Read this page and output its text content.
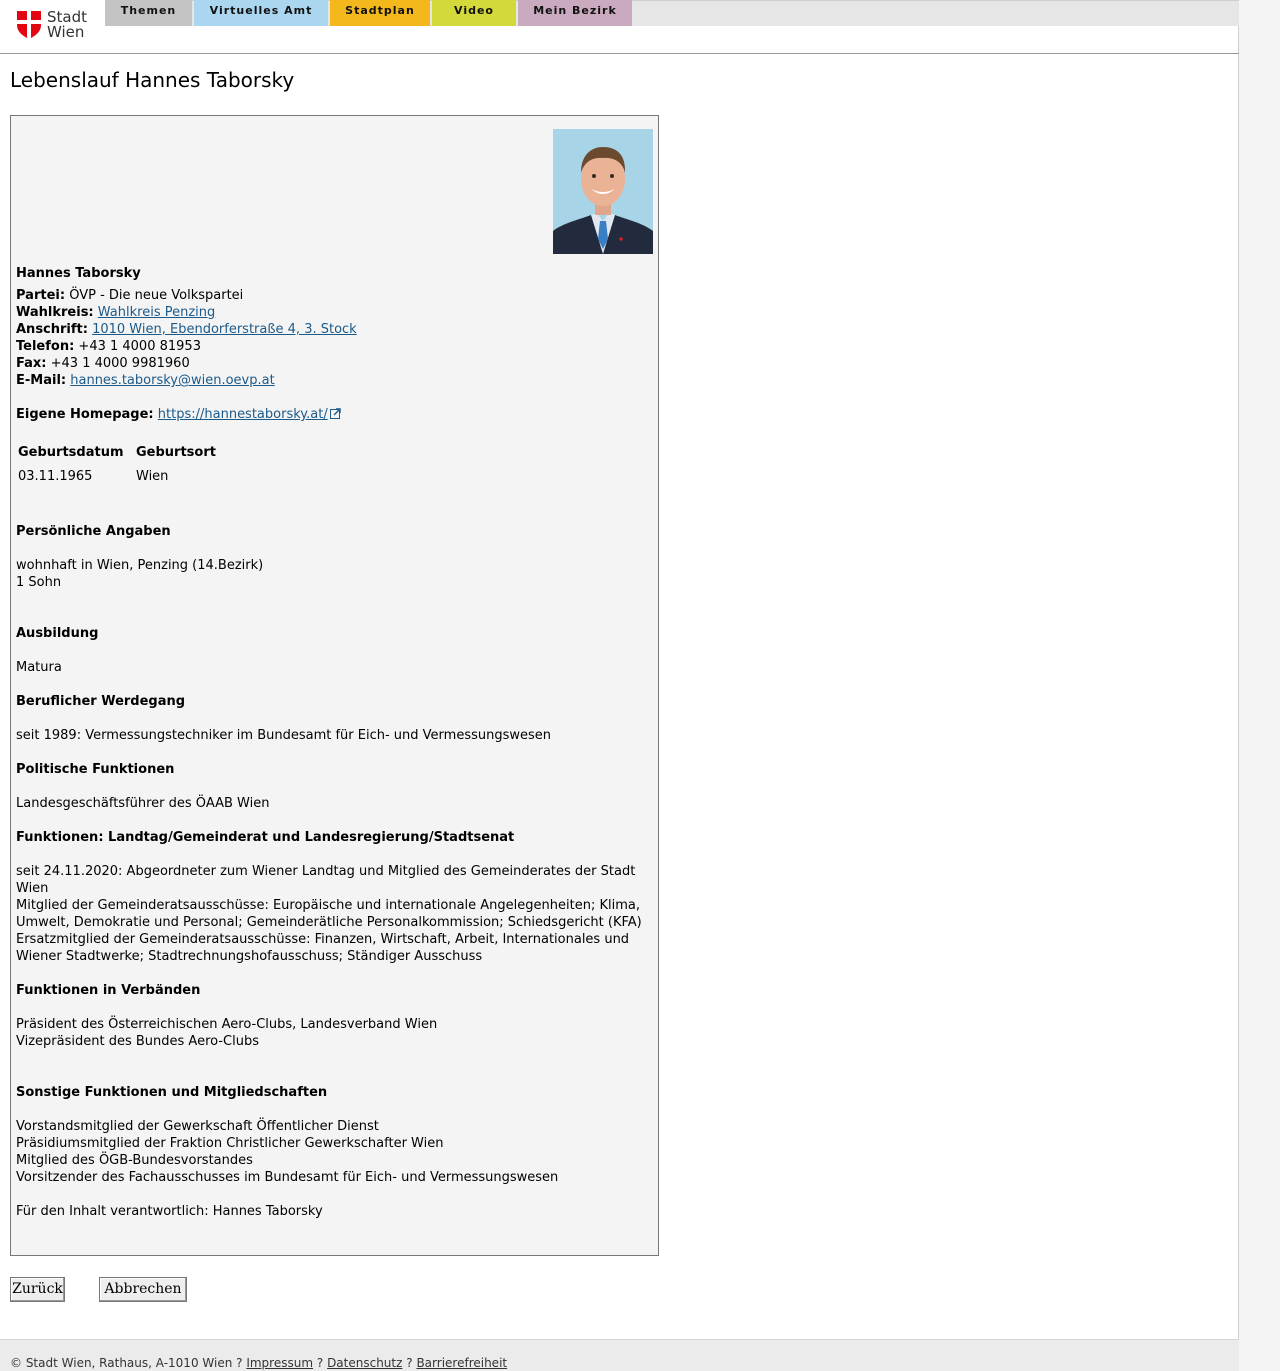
Stadt
Wien
Themen	Virtuelles Amt	Stadtplan	Video	Mein Bezirk
Lebenslauf Hannes Taborsky
Hannes Taborsky
Partei: ÖVP - Die neue Volkspartei
Wahlkreis: Wahlkreis Penzing
Anschrift: 1010 Wien, Ebendorferstraße 4, 3. Stock
Telefon: +43 1 4000 81953
Fax: +43 1 4000 9981960
E-Mail: hannes.taborsky@wien.oevp.at
Eigene Homepage: https://hannestaborsky.at/
Geburtsdatum Geburtsort
03.11.1965	Wien
Persönliche Angaben
wohnhaft in Wien, Penzing (14.Bezirk)
1 Sohn
Ausbildung
Matura
Beruflicher Werdegang
seit 1989: Vermessungstechniker im Bundesamt für Eich- und Vermessungswesen
Politische Funktionen
Landesgeschäftsführer des ÖAAB Wien
Funktionen: Landtag/Gemeinderat und Landesregierung/Stadtsenat
seit 24.11.2020: Abgeordneter zum Wiener Landtag und Mitglied des Gemeinderates der Stadt Wien
Mitglied der Gemeinderatsausschüsse: Europäische und internationale Angelegenheiten; Klima, Umwelt, Demokratie und Personal; Gemeinderätliche Personalkommission; Schiedsgericht (KFA)
Ersatzmitglied der Gemeinderatsausschüsse: Finanzen, Wirtschaft, Arbeit, Internationales und Wiener Stadtwerke; Stadtrechnungshofausschuss; Ständiger Ausschuss
Funktionen in Verbänden
Präsident des Österreichischen Aero-Clubs, Landesverband Wien
Vizepräsident des Bundes Aero-Clubs
Sonstige Funktionen und Mitgliedschaften
Vorstandsmitglied der Gewerkschaft Öffentlicher Dienst
Präsidiumsmitglied der Fraktion Christlicher Gewerkschafter Wien
Mitglied des ÖGB-Bundesvorstandes
Vorsitzender des Fachausschusses im Bundesamt für Eich- und Vermessungswesen
Für den Inhalt verantwortlich: Hannes Taborsky
Zurück	Abbrechen
© Stadt Wien, Rathaus, A-1010 Wien ? Impressum ? Datenschutz ? Barrierefreiheit
